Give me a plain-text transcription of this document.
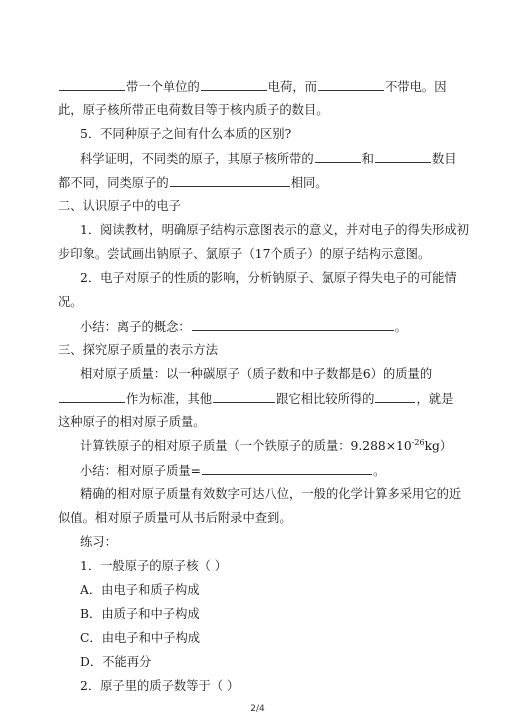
带一个单位的	电荷，而	不带电。因
此，原子核所带正电荷数目等于核内质子的数目。
5．不同种原子之间有什么本质的区别?
科学证明，不同类的原子，其原子核所带的	和	数目
都不同，同类原子的	相同。
二、认识原子中的电子
1．阅读教材，明确原子结构示意图表示的意义，并对电子的得失形成初
步印象。尝试画出钠原子、氯原子（17个质子）的原子结构示意图。
2．电子对原子的性质的影响，分析钠原子、氯原子得失电子的可能情
况。
小结：离子的概念：	。
三、探究原子质量的表示方法
相对原子质量：以一种碳原子（质子数和中子数都是6）的质量的
作为标准，其他	跟它相比较所得的	，就是
这种原子的相对原子质量。
计算铁原子的相对原子质量（一个铁原子的质量：$9.288\times 10^{-26}kg$）
小结：相对原子质量=	。
精确的相对原子质量有效数字可达八位，一般的化学计算多采用它的近
似值。相对原子质量可从书后附录中查到。
练习：
1．一般原子的原子核（ ）
A．由电子和质子构成
B．由质子和中子构成
C．由电子和中子构成
D．不能再分
2．原子里的质子数等于（ ）
2/4
